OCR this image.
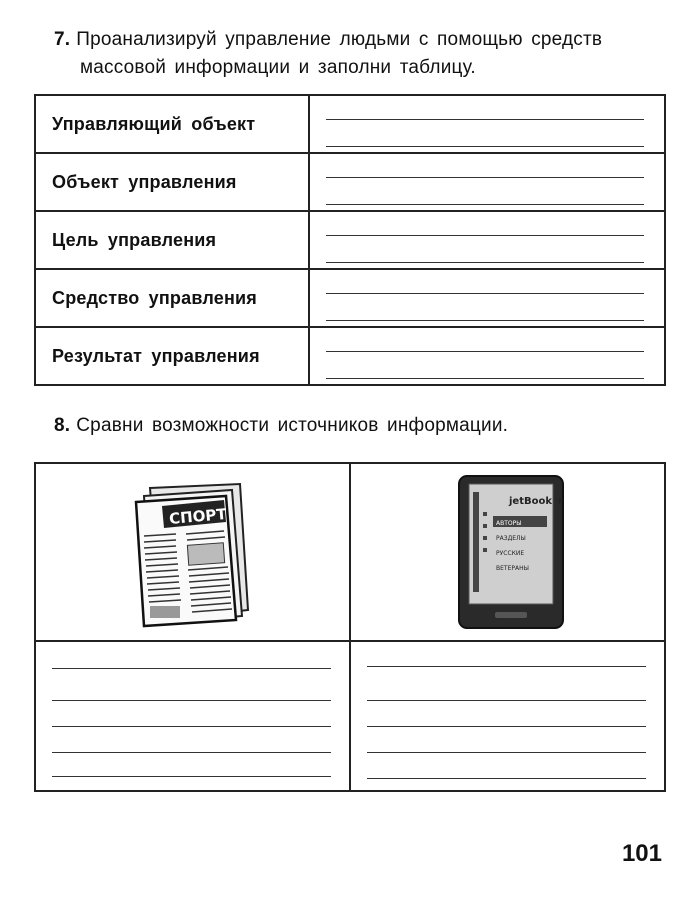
7. Проанализируй управление людьми с помощью средств
массовой информации и заполни таблицу.
Управляющий объект	

Объект управления	

Цель управления	

Средство управления	

Результат управления	
8. Сравни возможности источников информации.
СПОРТ	jetBook +
АВТОРЫ
РАЗДЕЛЫ
РУССКИЕ
ВЕТЕРАНЫ

101
